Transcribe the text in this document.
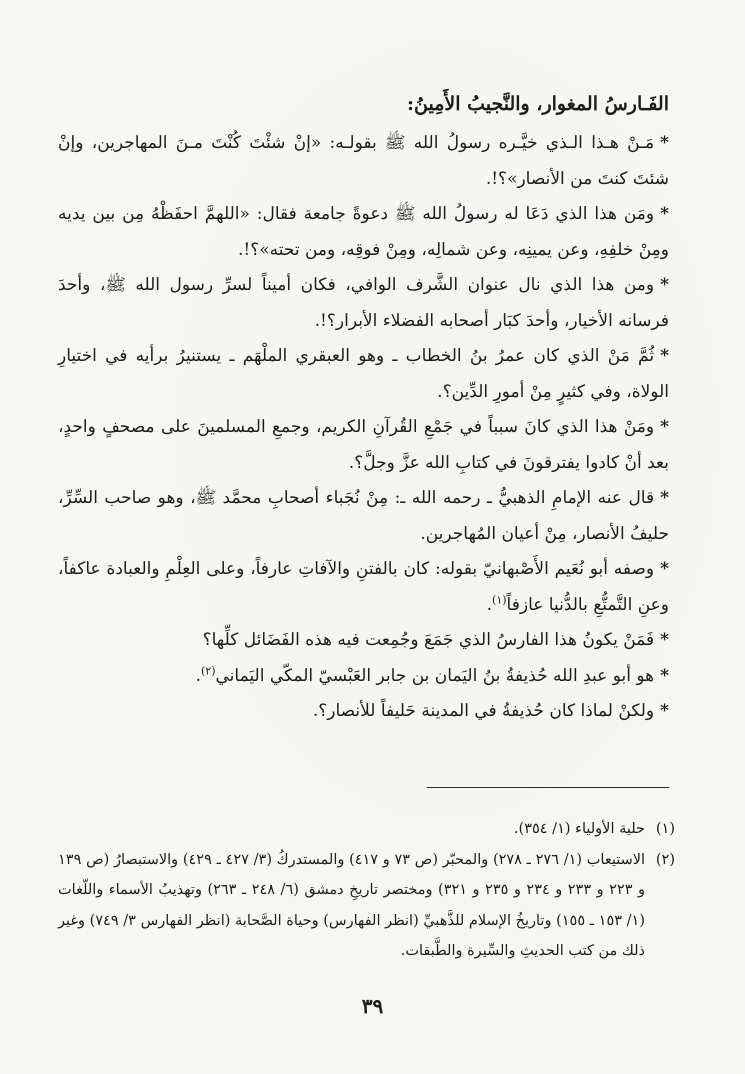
الفَـارسُ المغوار، والنَّجيبُ الأَمِينُ:

*مَـنْ هـذا الـذي خيَّـره رسولُ الله ﷺ بقولـه: «إنْ شئْتَ كُنْتَ مـنَ المهاجرين، وإنْ شئتَ كنتَ من الأنصار»؟!.

*ومَن هذا الذي دَعَا له رسولُ الله ﷺ دعوةً جامعة فقال: «اللهمَّ احفَظْهُ مِن بين يديه ومِنْ خلفِهِ، وعن يمينِه، وعن شمالِه، ومِنْ فوقِه، ومن تحته»؟!.

*ومن هذا الذي نال عنوان الشَّرف الوافي، فكان أميناً لسرِّ رسول الله ﷺ، وأحدَ فرسانه الأخيار، وأحدَ كبَار أصحابه الفضلاء الأبرار؟!.

*ثُمَّ مَنْ الذي كان عمرُ بنُ الخطاب ـ وهو العبقري الملْهَم ـ يستنيرُ برأيه في اختيارِ الولاة، وفي كثيرٍ مِنْ أمورِ الدِّين؟.

*ومَنْ هذا الذي كانَ سبباً في جَمْعِ القُرآنِ الكريم، وجمعِ المسلمينَ على مصحفٍ واحدٍ، بعد أنْ كادوا يفترقونَ في كتابِ الله عزَّ وجلَّ؟.

*قال عنه الإمامِ الذهبيُّ ـ رحمه الله ـ: مِنْ نُجَباء أصحابِ محمَّد ﷺ، وهو صاحب السِّرِّ، حليفُ الأنصار، مِنْ أعيان المُهاجرين.

*وصفه أبو نُعَيم الأَصْبهانيّ بقوله: كان بالفتنِ والآفاتِ عارفاً، وعلى العِلْمِ والعبادة عاكفاً، وعنِ التَّمتُّعِ بالدُّنيا عازفاً$^{(١)}$.

*فَمَنْ يكونُ هذا الفارسُ الذي جَمَعَ وجُمِعت فيه هذه الفَضَائل كلِّها؟

*هو أبو عبدِ الله حُذيفةُ بنُ اليَمان بن جابر العَبْسيّ المكّي اليَماني$^{(٢)}$.

*ولكنْ لماذا كان حُذيفةُ في المدينة حَليفاً للأنصار؟.

(١)
حلية الأولياء (١/ ٣٥٤).
(٢)
الاستيعاب (١/ ٢٧٦ ـ ٢٧٨) والمحبّر (ص ٧٣ و ٤١٧) والمستدركُ (٣/ ٤٢٧ ـ ٤٢٩) والاستبصارُ (ص ١٣٩ و ٢٢٣ و ٢٣٣ و ٢٣٤ و ٢٣٥ و ٣٢١) ومختصر تاريخِ دمشق (٦/ ٢٤٨ ـ ٢٦٣) وتهذيبُ الأسماء واللّغات (١/ ١٥٣ ـ ١٥٥) وتاريخُ الإسلام للذَّهبيِّ (انظر الفهارس) وحياة الصَّحابة (انظر الفهارس ٣/ ٧٤٩) وغير ذلك من كتب الحديثِ والسِّيرة والطَّبقات.
٣٩
